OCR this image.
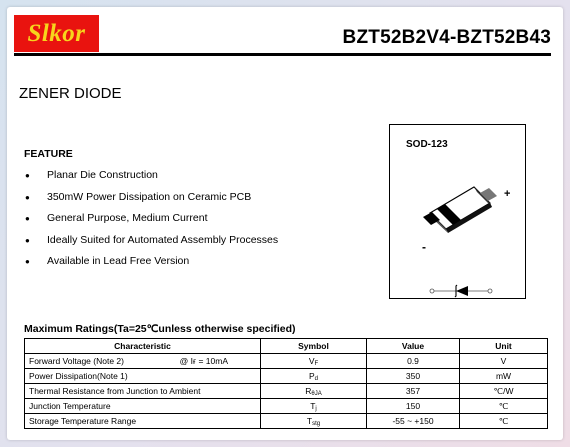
Slkor	BZT52B2V4-BZT52B43
ZENER DIODE
FEATURE
●	Planar Die Construction
●	350mW Power Dissipation on Ceramic PCB
●	General Purpose, Medium Current
●	Ideally Suited for Automated Assembly Processes
●	Available in Lead Free Version
SOD-123
+
-
Maximum Ratings(Ta=25℃unless otherwise specified)
Characteristic	Symbol	Value	Unit
Forward Voltage (Note 2) @ Iғ = 10mA	$V_F$	0.9	V
Power Dissipation(Note 1)	$P_d$	350	mW
Thermal Resistance from Junction to Ambient	$R_{\theta JA}$	357	℃/W
Junction Temperature	$T_j$	150	℃
Storage Temperature Range	$T_{stg}$	-55 ~ +150	℃
